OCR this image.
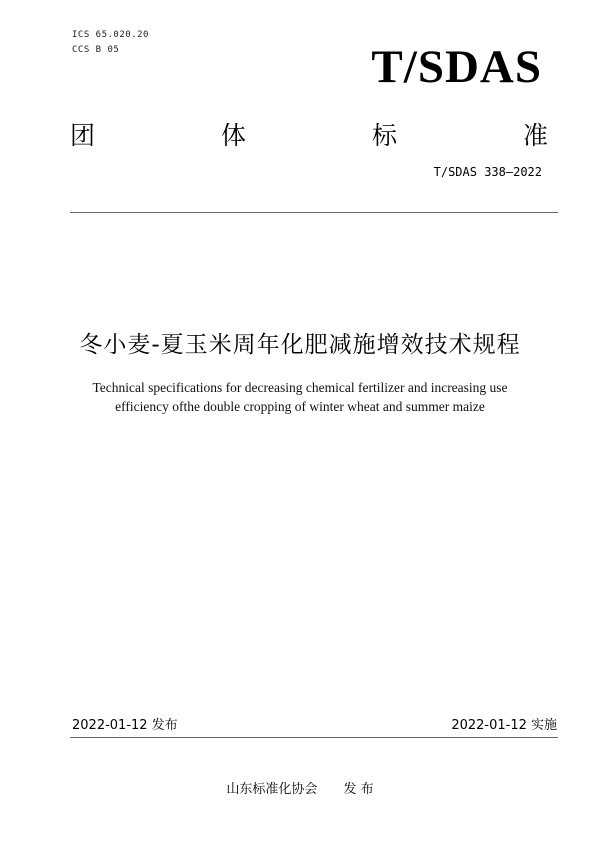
ICS 65.020.20
CCS B 05	T/SDAS
团	体	标	准
T/SDAS 338—2022
冬小麦-夏玉米周年化肥减施增效技术规程
Technical specifications for decreasing chemical fertilizer and increasing use
efficiency ofthe double cropping of winter wheat and summer maize
2022-01-12 发布	2022-01-12 实施
山东标准化协会 发 布
